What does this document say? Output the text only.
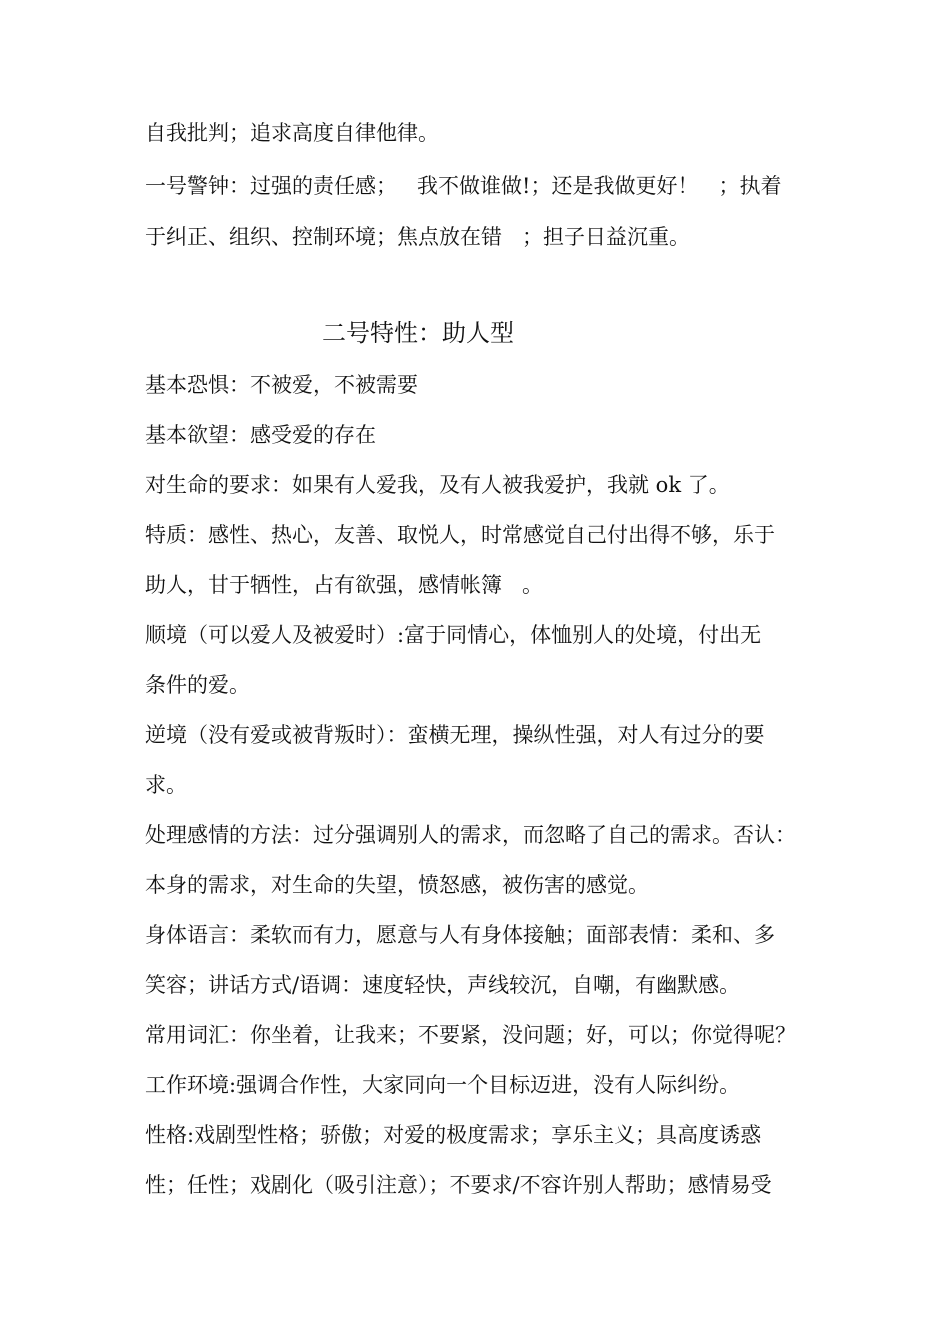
自我批判；追求高度自律他律。
一号警钟：过强的责任感；   我不做谁做!；还是我做更好！   ；执着
于纠正、组织、控制环境；焦点放在错   ；担子日益沉重。
二号特性：助人型
基本恐惧：不被爱，不被需要
基本欲望：感受爱的存在
对生命的要求：如果有人爱我，及有人被我爱护，我就 ok 了。
特质：感性、热心，友善、取悦人，时常感觉自己付出得不够，乐于
助人，甘于牺性，占有欲强，感情帐簿   。
顺境（可以爱人及被爱时）:富于同情心，体恤别人的处境，付出无
条件的爱。
逆境（没有爱或被背叛时）：蛮横无理，操纵性强，对人有过分的要
求。
处理感情的方法：过分强调别人的需求，而忽略了自己的需求。否认：
本身的需求，对生命的失望，愤怒感，被伤害的感觉。
身体语言：柔软而有力，愿意与人有身体接触；面部表情：柔和、多
笑容；讲话方式/语调：速度轻快，声线较沉，自嘲，有幽默感。
常用词汇：你坐着，让我来；不要紧，没问题；好，可以；你觉得呢？
工作环境:强调合作性，大家同向一个目标迈进，没有人际纠纷。
性格:戏剧型性格；骄傲；对爱的极度需求；享乐主义；具高度诱惑
性；任性；戏剧化（吸引注意）；不要求/不容许别人帮助；感情易受
